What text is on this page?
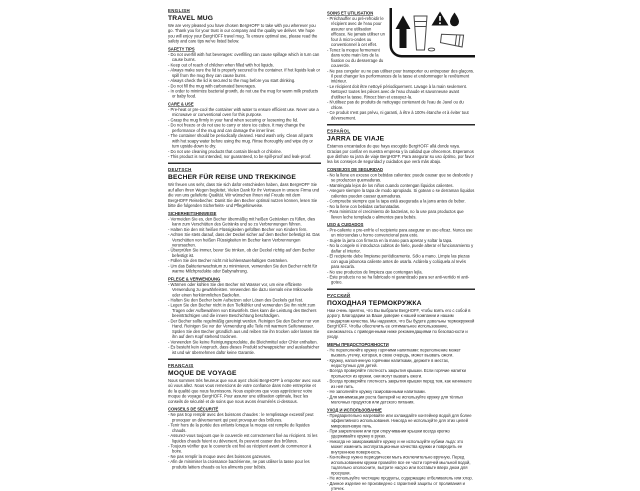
ENGLISH
TRAVEL MUG

We are very pleased you have chosen BergHOFF to take with you wherever you go. Thank you for your trust in our company and the quality we deliver. We hope you will enjoy your BergHOFF travel mug. To ensure optimal use, please read the safety and care tips we've listed below.

SAFETY TIPS
- Do not overfill with hot beverages: overfilling can cause spillage which in turn can cause burns.
- Keep out of reach of children when filled with hot liquids.
- Always make sure the lid is properly secured to the container. If hot liquids leak or spill from the mug they can cause burns.
- Always check the lid is secured to the mug before you start drinking.
- Do not fill the mug with carbonated beverages.
- In order to minimize bacterial growth, do not use the mug for warm milk products or baby food.
CARE & USE
- Pre-heat or pre-cool the container with water to ensure efficient use. Never use a microwave or conventional oven for this purpose.
- Grasp the mug firmly in your hand when securing or loosening the lid.
- Do not freeze or do not use to carry or store ice cubes. It may change the performance of the mug and can damage the inner liner.
- The container should be periodically cleaned. Hand wash only. Clean all parts with hot soapy water before using the mug. Rinse thoroughly and wipe dry or turn upside-down to dry.
- Do not use cleaning products that contain bleach or chlorine.
- This product is not intended, nor guaranteed, to be spill-proof and leak-proof.
DEUTSCH
BECHER FÜR REISE UND TREKKINGE

Wir freuen uns sehr, dass Sie sich dafür entschieden haben, dass BergHOFF Sie auf allen Ihren Wegen begleitet. Vielen Dank für Ihr Vertrauen in unsere Firma und die von uns gelieferte Qualität. Wir wünschen Ihnen viel Freude mit dem BergHOFF Reisebecher. Damit Sie den Becher optimal nutzen können, lesen Sie bitte die folgenden Sicherheits- und Pflegehinweise.

SICHERHEITSHINWEISE
- Vermeiden Sie es, den Becher übermäßig mit heißen Getränken zu füllen, dies kann zum Verschütten des Getränks und so zu Verbrennungen führen.
- Halten Sie den mit heißen Flüssigkeiten gefüllten Becher von Kindern fern.
- Achten Sie stets darauf, dass der Deckel sicher auf dem Becher befestigt ist. Das Verschütten von heißen Flüssigkeiten im Becher kann Verbrennungen verursachen.
- Überprüfen Sie immer, bevor Sie trinken, ob der Deckel richtig auf dem Becher befestigt ist.
- Füllen Sie den Becher nicht mit kohlensäurehaltigen Getränken.
- Um das Bakterienwachstum zu minimieren, verwenden Sie den Becher nicht für warme Milchprodukte oder Babynahrung.
PFLEGE & VERWENDUNG
- Wärmen oder kühlen Sie den Becher mit Wasser vor, um eine effiziente Verwendung zu gewährleisten. Verwenden Sie dazu niemals eine Mikrowelle oder einen herkömmlichen Backofen.
- Halten Sie den Becher beim Aufsetzen oder Lösen des Deckels gut fest.
- Legen Sie den Becher nicht in den Tiefkühler und verwenden Sie ihn nicht zum Tragen oder Aufbewahren von Eiswürfeln. Dies kann die Leistung des Bechers beeinträchtigen und die innere Beschichtung beschädigen.
- Der Becher sollte regelmäßig gereinigt werden. Reinigen Sie den Becher nur von Hand. Reinigen Sie vor der Verwendung alle Teile mit warmem Seifenwasser. Spülen Sie den Becher gründlich aus und reiben Sie ihn trocken oder lassen Sie ihn auf dem Kopf stehend trocknen.
- Verwenden Sie keine Reinigungsprodukte, die Bleichmittel oder Chlor enthalten.
- Es besteht kein Anspruch, dass dieses Produkt schwappsicher und auslaufsicher ist und wir übernehmen dafür keine Garantie.
FRANÇAIS
MOQUE DE VOYAGE

Nous sommes très heureux que vous ayez choisi BergHOFF à emporter avec vous où vous allez. Nous vous remercions de votre confiance dans notre entreprise et de la qualité que nous fournissons. Nous espérons que vous apprécierez votre moque de voyage BergHOFF. Pour assurer une utilisation optimale, lisez les conseils de sécurité et de soins que nous avons énumérés ci-dessous.

CONSEILS DE SÉCURITÉ
- Ne pas trop remplir avec des boissons chaudes : le remplissage excessif peut provoquer un déversement qui peut provoquer des brûlures.
- Tenir hors de la portée des enfants lorsque la moque est remplie de liquides chauds.
- Assurez-vous toujours que le couvercle est correctement fixé au récipient. Si les liquides chauds fuient ou déversent, ils peuvent causer des brûlures.
- Toujours vérifier que le couvercle est fixé au récipient avant de commencer à boire.
- Ne pas remplir la moque avec des boissons gazeuses.
- Afin de minimiser la croissance bactérienne, ne pas utiliser la tasse pour les produits laitiers chauds ou les aliments pour bébés.
SOINS ET UTILISATION
- Préchauffer ou pré-refroidir le récipient avec de l'eau pour assurer une utilisation efficace. Ne jamais utiliser un four à micro-ondes ou conventionnel à cet effet.
- Tenez la moque fermement dans votre main lors de la fixation ou du desserrage du couvercle.
- Ne pas congeler ou ne pas utiliser pour transporter ou entreposer des glaçons. Il peut changer les performances de la tasse et endommager le revêtement intérieur.
- Le récipient doit être nettoyé périodiquement. Lavage à la main seulement. Nettoyez toutes les pièces avec de l'eau chaude et savonneuse avant d'utiliser la tasse. Rincez bien et essuyez-la.
- N'utilisez pas de produits de nettoyage contenant de l'eau de Javel ou du chlore.
- Ce produit n'est pas prévu, ni garanti, à être à 100% étanche et à éviter tout déversement.
ESPAÑOL
JARRA DE VIAJE

Estamos encantados de que haya escogido BergHOFF allá donde vaya. Gracias por confiar en nuestra empresa y la calidad que ofrecemos. Esperamos que disfrute su jarra de viaje BergHOFF. Para asegurar su uso óptimo, por favor lea los consejos de seguridad y cuidados que verá más abajo.

CONSEJOS DE SEGURIDAD
- No la llene en exceso con bebidas calientes: puede causar que se desborde y se produzcan quemaduras.
- Manténgala lejos de los niños cuando contengan líquidos calientes.
- Asegure siempre la tapa de modo apropiado. Si gotean o se derraman líquidos calientes pueden causar quemaduras.
- Compruebe siempre que la tapa está asegurada a la jarra antes de beber.
- No la llene con bebidas carbonatadas.
- Para minimizar el crecimiento de bacterias, no la use para productos que lleven leche templada o alimentos para bebés.
USO & CUIDADOS
- Pre-caliente o pre-enfríe el recipiente para asegurar un uso eficaz. Nunca use un microondas u horno convencional para esto.
- Sujete la jarra con firmeza en la mano para apretar y soltar la tapa.
- No la congele ni introduzca cubitos de hielo, puede alterar el funcionamiento y dañar el interior.
- El recipiente debe limpiarse periódicamente. Sólo a mano. Limpie las piezas con agua jabonosa caliente antes de usarla. Aclárela y colóquela al revés para secarla.
- No use productos de limpieza que contengan lejía.
- Este producto no se ha fabricado ni garantizado para ser anti-vertido ni anti-goteo.
РУССКИЙ
ПОХОДНАЯ ТЕРМОКРУЖКА

Нам очень приятно, что Вы выбрали BergHOFF, чтобы взять его с собой в дорогу. Благодарим за Ваше доверие к нашей компании и нашим стандартам качества. Мы надеемся, что Вы будете довольны термокружкой BergHOFF. Чтобы обеспечить ее оптимальное использование, ознакомьтесь с приведенными ниже рекомендациями по безопасности и уходу.

МЕРЫ ПРЕДОСТОРОЖНОСТИ
- Не переполняйте кружку горячими напитками: переполнение может вызвать утечку, которая, в свою очередь, может вызвать ожоги.
- Кружку, наполненную горячими напитками, держите в местах, недоступных для детей.
- Всегда проверяйте плотность закрытия крышки. Если горячие напитки прольются из кружки, они могут вызвать ожоги.
- Всегда проверяйте плотность закрытия крышки перед тем, как начинаете из неё пить.
- Не заполняйте кружку газированными напитками.
- Для минимизации роста бактерий не используйте кружку для тёплых молочных продуктов или детского питания.
УХОД И ИСПОЛЬЗОВАНИЕ
- Предварительно нагревайте или охлаждайте контейнер водой для более эффективного использования. Никогда не используйте для этих целей микроволновую печь.
- При закреплении или при откручивании крышки всегда крепко удерживайте кружку в руках.
- Никогда не замораживайте кружку и не используйте кубики льда: это может изменить эксплуатационные качества кружки и повредить ее внутреннюю поверхность.
- Контейнер нужно периодически мыть исключительно вручную. Перед использованием кружки промойте все ее части горячей мыльной водой, тщательно ополосните, вытрите насухо или поставьте вверх дном для просушки.
- Не используйте чистящие продукты, содержащие отбеливатель или хлор.
- Данное изделие не произведено с гарантией защиты от проливания и утечек.
